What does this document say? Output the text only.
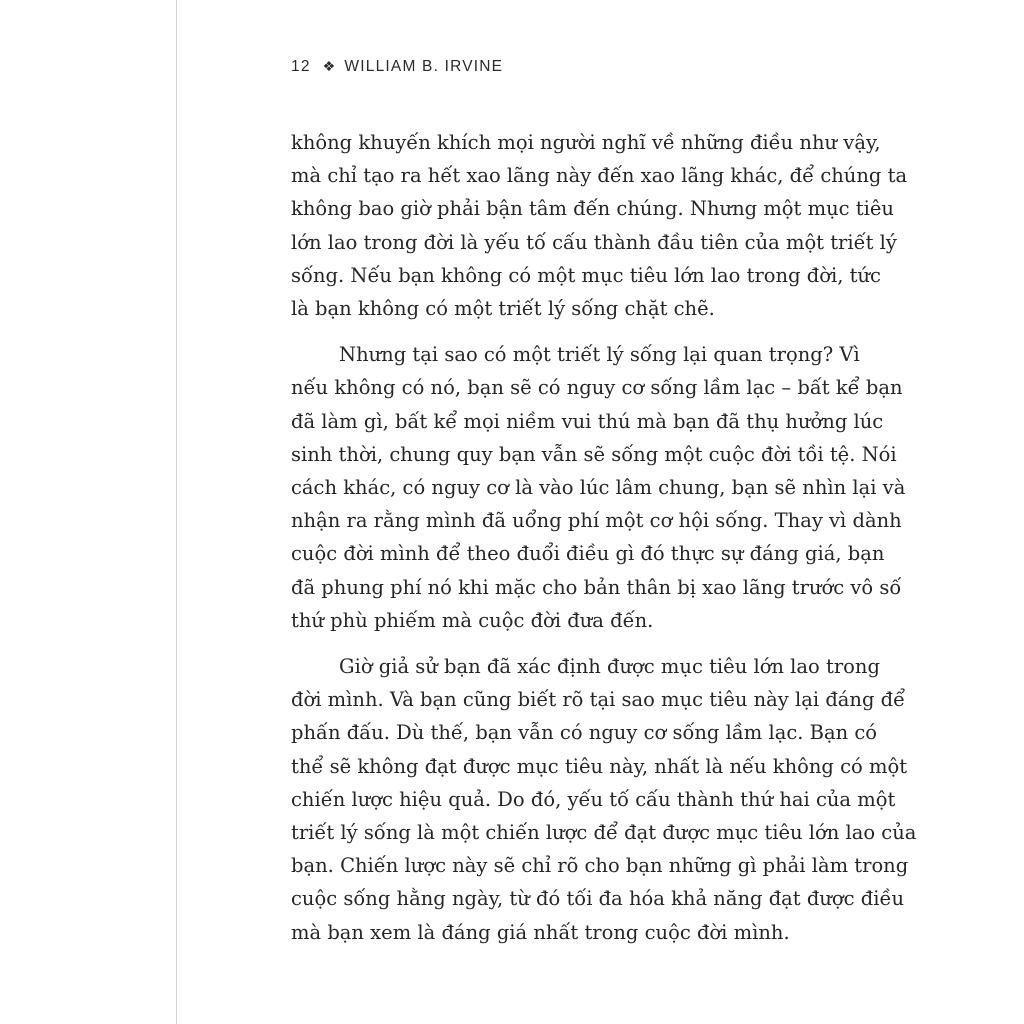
12 ❖ WILLIAM B. IRVINE

không khuyến khích mọi người nghĩ về những điều như vậy,
mà chỉ tạo ra hết xao lãng này đến xao lãng khác, để chúng ta
không bao giờ phải bận tâm đến chúng. Nhưng một mục tiêu
lớn lao trong đời là yếu tố cấu thành đầu tiên của một triết lý
sống. Nếu bạn không có một mục tiêu lớn lao trong đời, tức
là bạn không có một triết lý sống chặt chẽ.

Nhưng tại sao có một triết lý sống lại quan trọng? Vì
nếu không có nó, bạn sẽ có nguy cơ sống lầm lạc – bất kể bạn
đã làm gì, bất kể mọi niềm vui thú mà bạn đã thụ hưởng lúc
sinh thời, chung quy bạn vẫn sẽ sống một cuộc đời tồi tệ. Nói
cách khác, có nguy cơ là vào lúc lâm chung, bạn sẽ nhìn lại và
nhận ra rằng mình đã uổng phí một cơ hội sống. Thay vì dành
cuộc đời mình để theo đuổi điều gì đó thực sự đáng giá, bạn
đã phung phí nó khi mặc cho bản thân bị xao lãng trước vô số
thứ phù phiếm mà cuộc đời đưa đến.

Giờ giả sử bạn đã xác định được mục tiêu lớn lao trong
đời mình. Và bạn cũng biết rõ tại sao mục tiêu này lại đáng để
phấn đấu. Dù thế, bạn vẫn có nguy cơ sống lầm lạc. Bạn có
thể sẽ không đạt được mục tiêu này, nhất là nếu không có một
chiến lược hiệu quả. Do đó, yếu tố cấu thành thứ hai của một
triết lý sống là một chiến lược để đạt được mục tiêu lớn lao của
bạn. Chiến lược này sẽ chỉ rõ cho bạn những gì phải làm trong
cuộc sống hằng ngày, từ đó tối đa hóa khả năng đạt được điều
mà bạn xem là đáng giá nhất trong cuộc đời mình.
